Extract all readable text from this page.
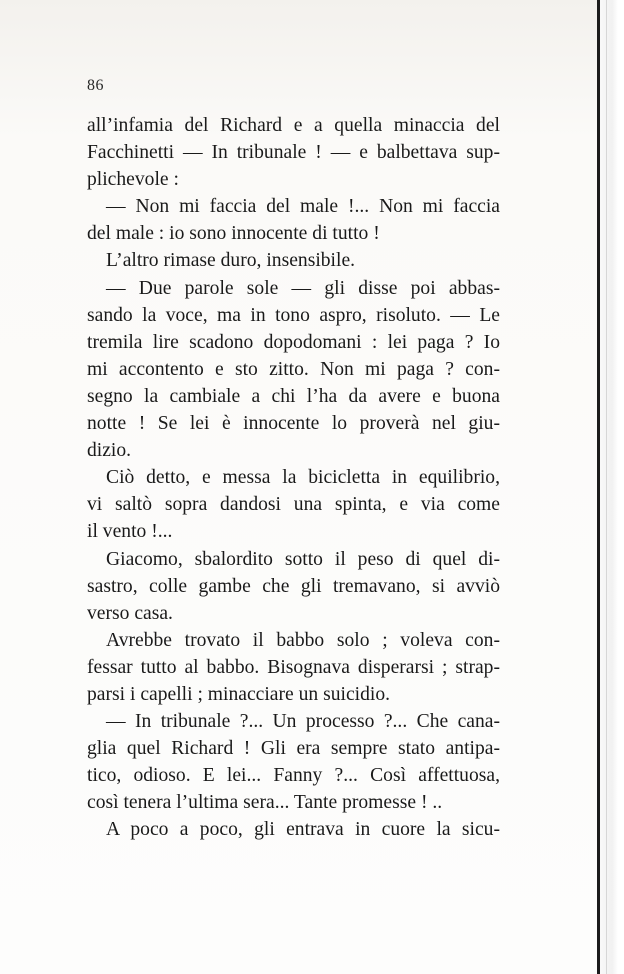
86
all’infamia del Richard e a quella minaccia del
Facchinetti — In tribunale ! — e balbettava sup-
plichevole :
— Non mi faccia del male !... Non mi faccia
del male : io sono innocente di tutto !
L’altro rimase duro, insensibile.
— Due parole sole — gli disse poi abbas-
sando la voce, ma in tono aspro, risoluto. — Le
tremila lire scadono dopodomani : lei paga ? Io
mi accontento e sto zitto. Non mi paga ? con-
segno la cambiale a chi l’ha da avere e buona
notte ! Se lei è innocente lo proverà nel giu-
dizio.
Ciò detto, e messa la bicicletta in equilibrio,
vi saltò sopra dandosi una spinta, e via come
il vento !...
Giacomo, sbalordito sotto il peso di quel di-
sastro, colle gambe che gli tremavano, si avviò
verso casa.
Avrebbe trovato il babbo solo ; voleva con-
fessar tutto al babbo. Bisognava disperarsi ; strap-
parsi i capelli ; minacciare un suicidio.
— In tribunale ?... Un processo ?... Che cana-
glia quel Richard ! Gli era sempre stato antipa-
tico, odioso. E lei... Fanny ?... Così affettuosa,
così tenera l’ultima sera... Tante promesse ! ..
A poco a poco, gli entrava in cuore la sicu-
